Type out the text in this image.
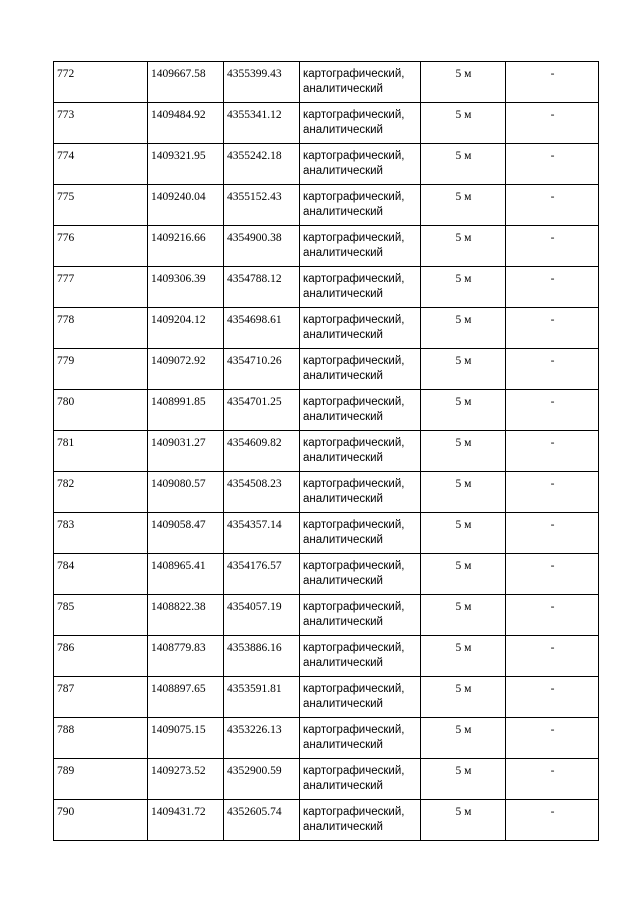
772	1409667.58	4355399.43	картографический,
аналитический	5 м	-

773	1409484.92	4355341.12	картографический,
аналитический	5 м	-

774	1409321.95	4355242.18	картографический,
аналитический	5 м	-

775	1409240.04	4355152.43	картографический,
аналитический	5 м	-

776	1409216.66	4354900.38	картографический,
аналитический	5 м	-

777	1409306.39	4354788.12	картографический,
аналитический	5 м	-

778	1409204.12	4354698.61	картографический,
аналитический	5 м	-

779	1409072.92	4354710.26	картографический,
аналитический	5 м	-

780	1408991.85	4354701.25	картографический,
аналитический	5 м	-

781	1409031.27	4354609.82	картографический,
аналитический	5 м	-

782	1409080.57	4354508.23	картографический,
аналитический	5 м	-

783	1409058.47	4354357.14	картографический,
аналитический	5 м	-

784	1408965.41	4354176.57	картографический,
аналитический	5 м	-

785	1408822.38	4354057.19	картографический,
аналитический	5 м	-

786	1408779.83	4353886.16	картографический,
аналитический	5 м	-

787	1408897.65	4353591.81	картографический,
аналитический	5 м	-

788	1409075.15	4353226.13	картографический,
аналитический	5 м	-

789	1409273.52	4352900.59	картографический,
аналитический	5 м	-

790	1409431.72	4352605.74	картографический,
аналитический	5 м	-
